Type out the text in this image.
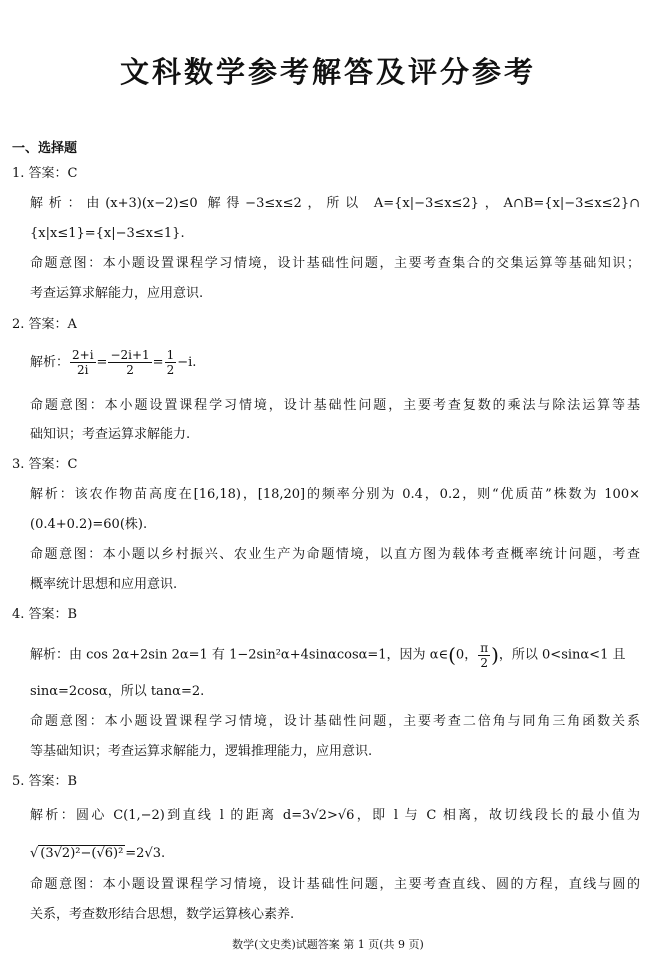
文科数学参考解答及评分参考
一、选择题
1. 答案：C
解析：由(x+3)(x−2)≤0 解得−3≤x≤2，所以 A={x|−3≤x≤2}，A∩B={x|−3≤x≤2}∩
{x|x≤1}={x|−3≤x≤1}.
命题意图：本小题设置课程学习情境，设计基础性问题，主要考查集合的交集运算等基础知识；
考查运算求解能力，应用意识.
2. 答案：A
解析： $\frac{2+i}{2i} = \frac{-2i+1}{2} = \frac{1}{2} -i$.
命题意图：本小题设置课程学习情境，设计基础性问题，主要考查复数的乘法与除法运算等基
础知识；考查运算求解能力.
3. 答案：C
解析：该农作物苗高度在[16,18)，[18,20]的频率分别为 0.4，0.2，则“优质苗”株数为 100×
(0.4+0.2)=60(株).
命题意图：本小题以乡村振兴、农业生产为命题情境，以直方图为载体考查概率统计问题，考查
概率统计思想和应用意识.
4. 答案：B
解析：由 cos 2α+2sin 2α=1 有 1−2sin²α+4sinαcosα=1，因为 α∈(0， $\frac{\pi}{2}$ )，所以 0<sinα<1 且
sinα=2cosα，所以 tanα=2.
命题意图：本小题设置课程学习情境，设计基础性问题，主要考查二倍角与同角三角函数关系
等基础知识；考查运算求解能力，逻辑推理能力，应用意识.
5. 答案：B
解析：圆心 C(1,−2)到直线 l 的距离 d=3√2>√6，即 l 与 C 相离，故切线段长的最小值为
√ (3√2)²−(√6)² =2√3.
命题意图：本小题设置课程学习情境，设计基础性问题，主要考查直线、圆的方程，直线与圆的
关系，考查数形结合思想，数学运算核心素养.
数学(文史类)试题答案 第 1 页(共 9 页)
